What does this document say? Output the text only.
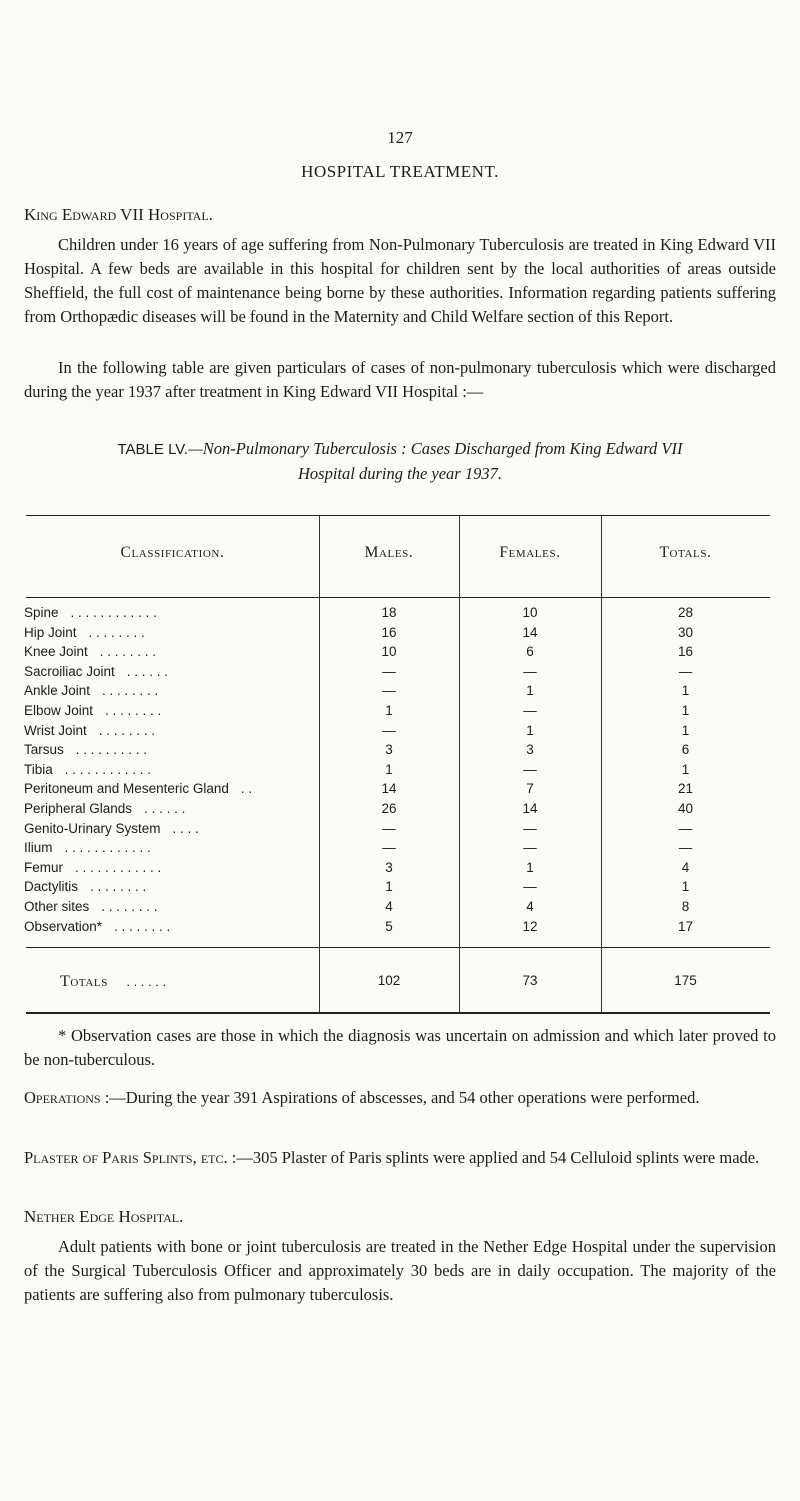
127
HOSPITAL TREATMENT.
King Edward VII Hospital.
Children under 16 years of age suffering from Non-Pulmonary Tuberculosis are treated in King Edward VII Hospital. A few beds are available in this hospital for children sent by the local authorities of areas outside Sheffield, the full cost of maintenance being borne by these authorities. Information regarding patients suffering from Orthopædic diseases will be found in the Maternity and Child Welfare section of this Report.
In the following table are given particulars of cases of non-pulmonary tuberculosis which were discharged during the year 1937 after treatment in King Edward VII Hospital :—
TABLE LV.—Non-Pulmonary Tuberculosis : Cases Discharged from King Edward VII
Hospital during the year 1937.
Classification.	Males.	Females.	Totals.
Spine . . . . . . . . . . . .	18	10	28
Hip Joint . . . . . . . .	16	14	30
Knee Joint . . . . . . . .	10	6	16
Sacroiliac Joint . . . . . .	—	—	—
Ankle Joint . . . . . . . .	—	1	1
Elbow Joint . . . . . . . .	1	—	1
Wrist Joint . . . . . . . .	—	1	1
Tarsus . . . . . . . . . .	3	3	6
Tibia . . . . . . . . . . . .	1	—	1
Peritoneum and Mesenteric Gland . .	14	7	21
Peripheral Glands . . . . . .	26	14	40
Genito-Urinary System . . . .	—	—	—
Ilium . . . . . . . . . . . .	—	—	—
Femur . . . . . . . . . . . .	3	1	4
Dactylitis . . . . . . . .	1	—	1
Other sites . . . . . . . .	4	4	8
Observation* . . . . . . . .	5	12	17
Totals . . . . . .	102	73	175
* Observation cases are those in which the diagnosis was uncertain on admission and which later proved to be non-tuberculous.
Operations :—During the year 391 Aspirations of abscesses, and 54 other operations were performed.
Plaster of Paris Splints, etc. :—305 Plaster of Paris splints were applied and 54 Celluloid splints were made.
Nether Edge Hospital.
Adult patients with bone or joint tuberculosis are treated in the Nether Edge Hospital under the supervision of the Surgical Tuberculosis Officer and approximately 30 beds are in daily occupation. The majority of the patients are suffering also from pulmonary tuberculosis.
